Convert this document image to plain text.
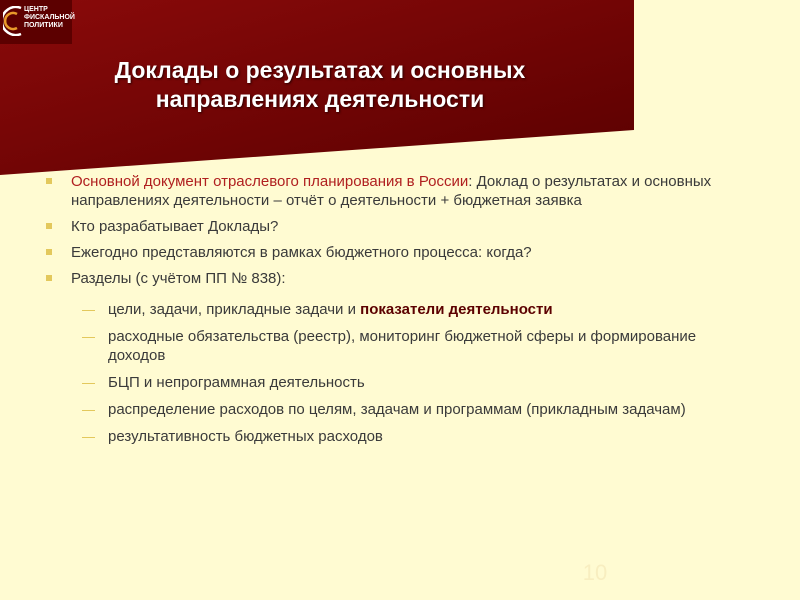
ЦЕНТР
ФИСКАЛЬНОЙ
ПОЛИТИКИ
Доклады о результатах и основных
направлениях деятельности
Основной документ отраслевого планирования в России: Доклад о результатах и основных направлениях деятельности – отчёт о деятельности + бюджетная заявка
Кто разрабатывает Доклады?
Ежегодно представляются в рамках бюджетного процесса: когда?
Разделы (с учётом ПП № 838):
цели, задачи, прикладные задачи и показатели деятельности
расходные обязательства (реестр), мониторинг бюджетной сферы и формирование доходов
БЦП и непрограммная деятельность
распределение расходов по целям, задачам и программам (прикладным задачам)
результативность бюджетных расходов
10
